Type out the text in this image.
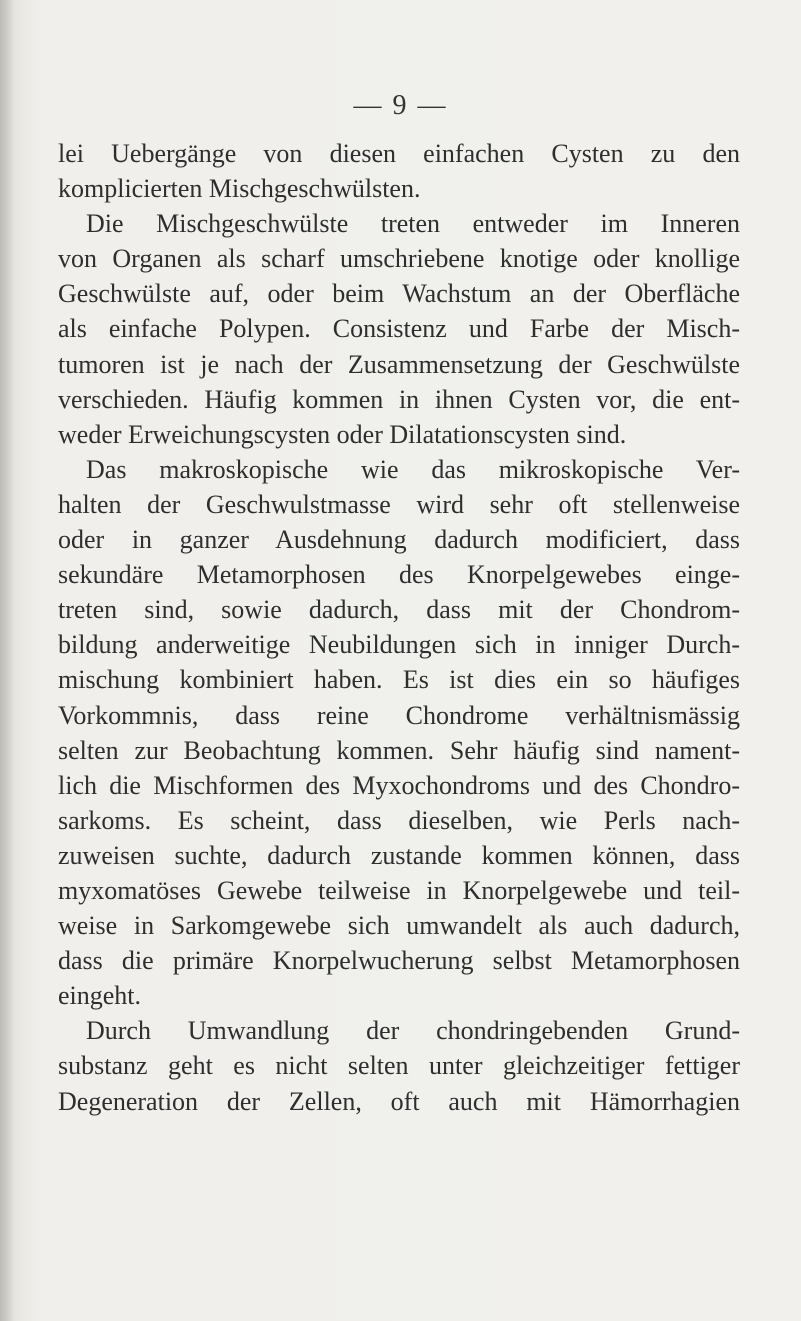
— 9 —
lei Uebergänge von diesen einfachen Cysten zu den
komplicierten Mischgeschwülsten.
Die Mischgeschwülste treten entweder im Inneren
von Organen als scharf umschriebene knotige oder knollige
Geschwülste auf, oder beim Wachstum an der Oberfläche
als einfache Polypen. Consistenz und Farbe der Misch-
tumoren ist je nach der Zusammensetzung der Geschwülste
verschieden. Häufig kommen in ihnen Cysten vor, die ent-
weder Erweichungscysten oder Dilatationscysten sind.
Das makroskopische wie das mikroskopische Ver-
halten der Geschwulstmasse wird sehr oft stellenweise
oder in ganzer Ausdehnung dadurch modificiert, dass
sekundäre Metamorphosen des Knorpelgewebes einge-
treten sind, sowie dadurch, dass mit der Chondrom-
bildung anderweitige Neubildungen sich in inniger Durch-
mischung kombiniert haben. Es ist dies ein so häufiges
Vorkommnis, dass reine Chondrome verhältnismässig
selten zur Beobachtung kommen. Sehr häufig sind nament-
lich die Mischformen des Myxochondroms und des Chondro-
sarkoms. Es scheint, dass dieselben, wie Perls nach-
zuweisen suchte, dadurch zustande kommen können, dass
myxomatöses Gewebe teilweise in Knorpelgewebe und teil-
weise in Sarkomgewebe sich umwandelt als auch dadurch,
dass die primäre Knorpelwucherung selbst Metamorphosen
eingeht.
Durch Umwandlung der chondringebenden Grund-
substanz geht es nicht selten unter gleichzeitiger fettiger
Degeneration der Zellen, oft auch mit Hämorrhagien
